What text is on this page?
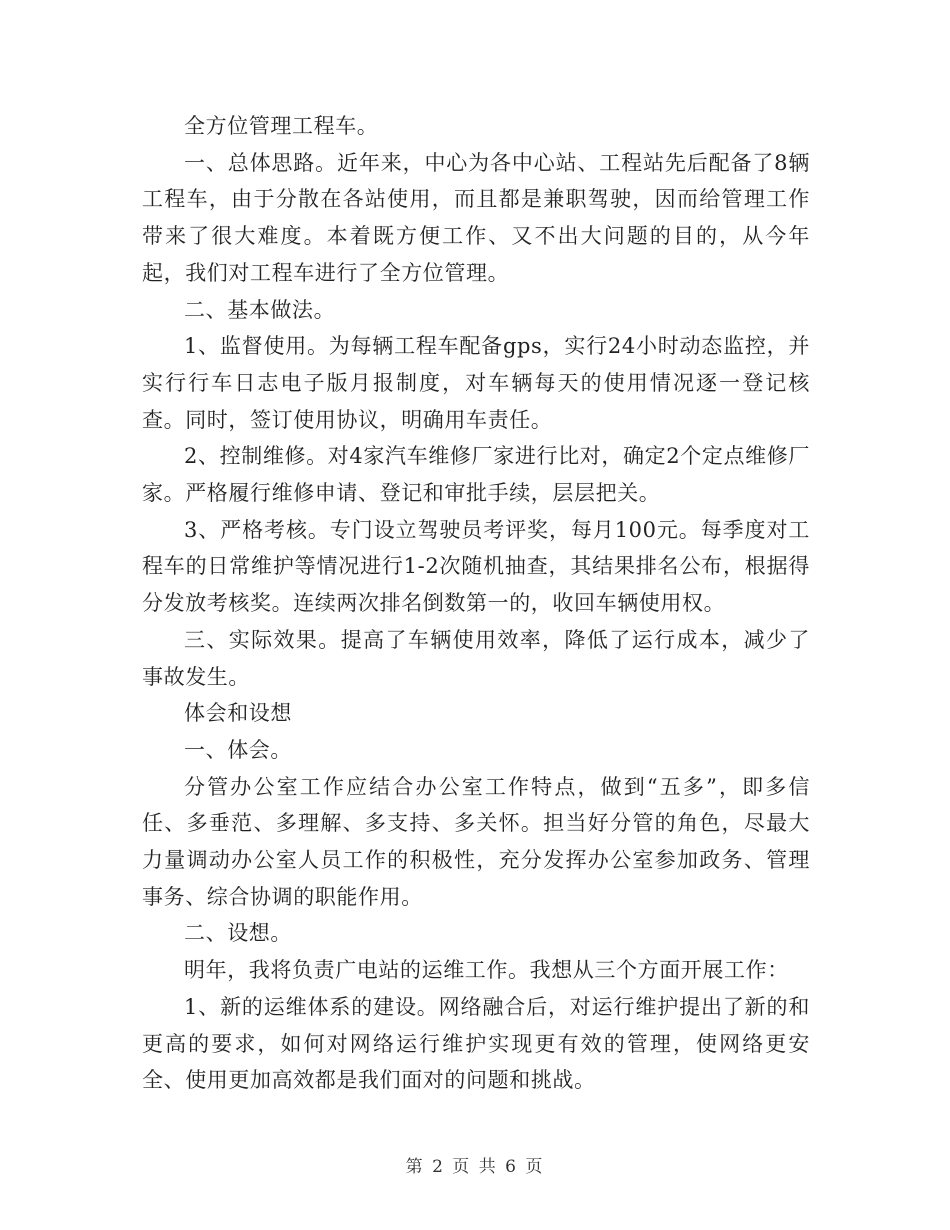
全方位管理工程车。

一、总体思路。近年来，中心为各中心站、工程站先后配备了8辆工程车，由于分散在各站使用，而且都是兼职驾驶，因而给管理工作带来了很大难度。本着既方便工作、又不出大问题的目的，从今年起，我们对工程车进行了全方位管理。

二、基本做法。

1、监督使用。为每辆工程车配备gps，实行24小时动态监控，并实行行车日志电子版月报制度，对车辆每天的使用情况逐一登记核查。同时，签订使用协议，明确用车责任。

2、控制维修。对4家汽车维修厂家进行比对，确定2个定点维修厂家。严格履行维修申请、登记和审批手续，层层把关。

3、严格考核。专门设立驾驶员考评奖，每月100元。每季度对工程车的日常维护等情况进行1-2次随机抽查，其结果排名公布，根据得分发放考核奖。连续两次排名倒数第一的，收回车辆使用权。

三、实际效果。提高了车辆使用效率，降低了运行成本，减少了事故发生。

体会和设想

一、体会。

分管办公室工作应结合办公室工作特点，做到“五多”，即多信任、多垂范、多理解、多支持、多关怀。担当好分管的角色，尽最大力量调动办公室人员工作的积极性，充分发挥办公室参加政务、管理事务、综合协调的职能作用。

二、设想。

明年，我将负责广电站的运维工作。我想从三个方面开展工作：

1、新的运维体系的建设。网络融合后，对运行维护提出了新的和更高的要求，如何对网络运行维护实现更有效的管理，使网络更安全、使用更加高效都是我们面对的问题和挑战。

第 2 页 共 6 页
